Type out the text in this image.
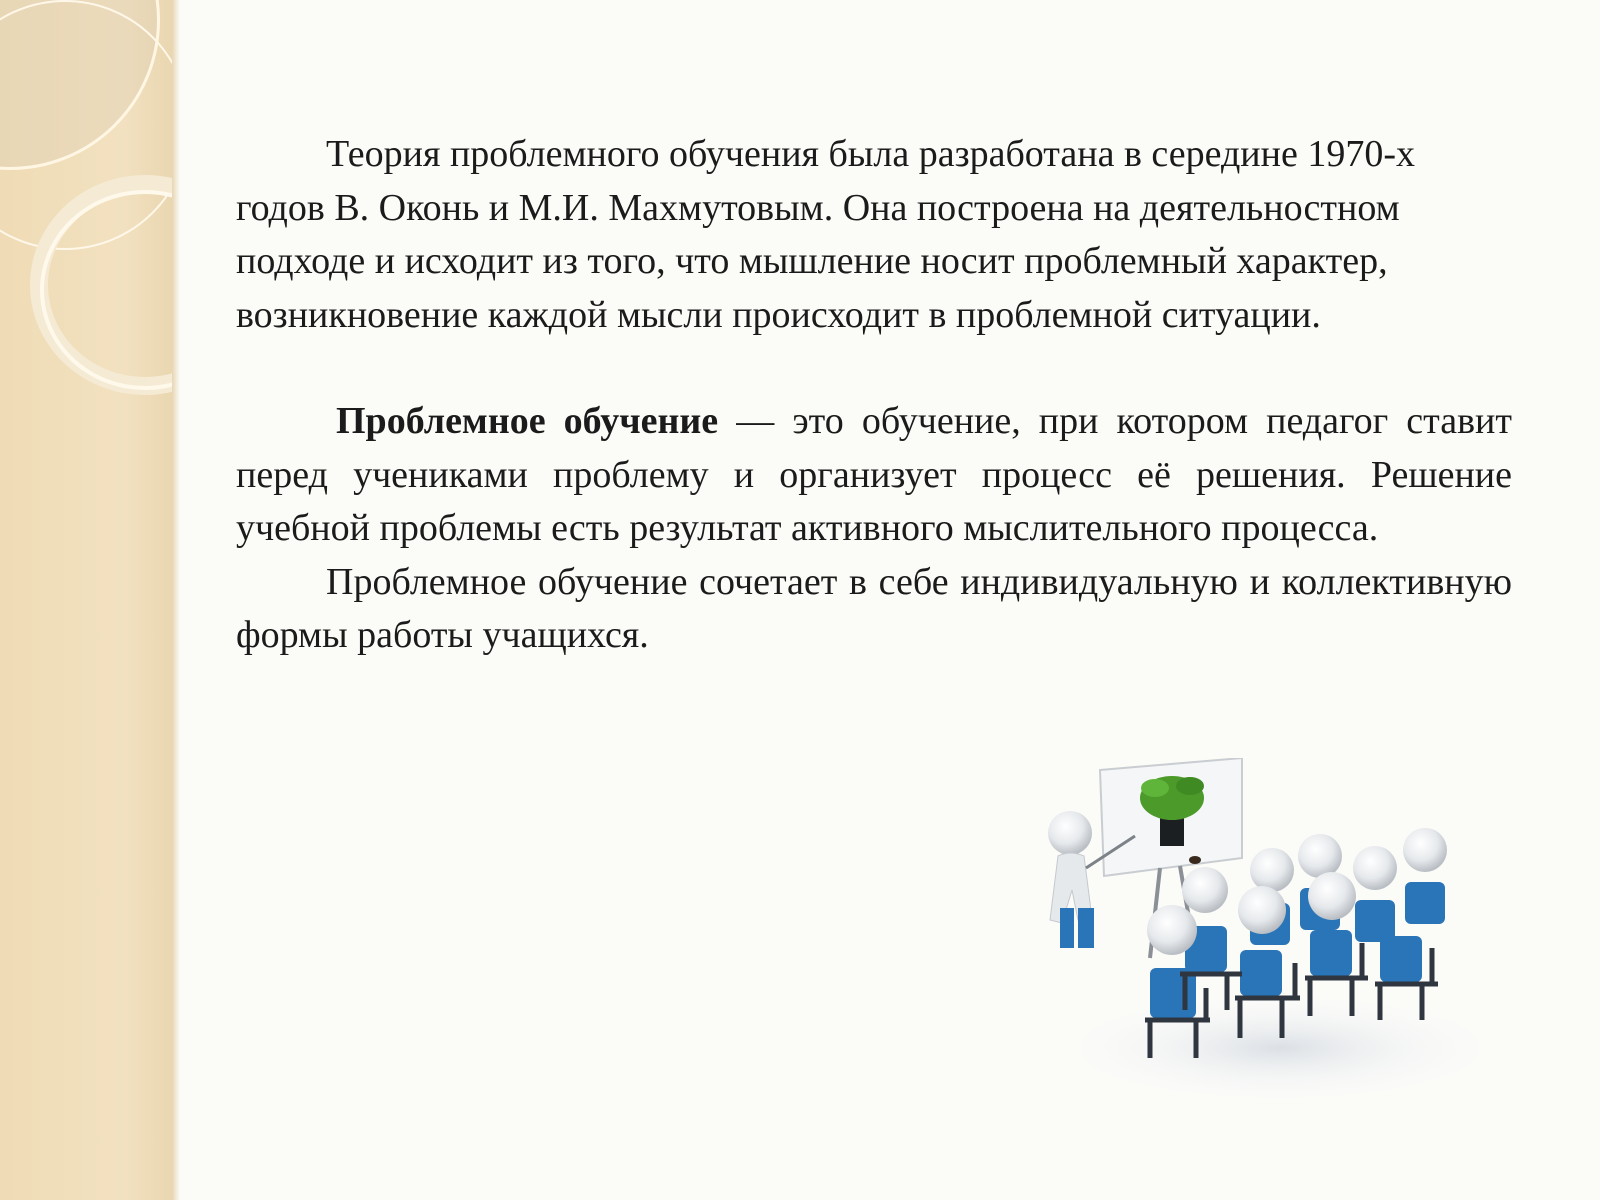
Теория проблемного обучения была разработана в середине 1970-х годов В. Оконь и М.И. Махмутовым. Она построена на деятельностном подходе и исходит из того, что мышление носит проблемный характер, возникновение каждой мысли происходит в проблемной ситуации.

Проблемное обучение — это обучение, при котором педагог ставит перед учениками проблему и организует процесс её решения. Решение учебной проблемы есть результат активного мыслительного процесса.

Проблемное обучение сочетает в себе индивидуальную и коллективную формы работы учащихся.
